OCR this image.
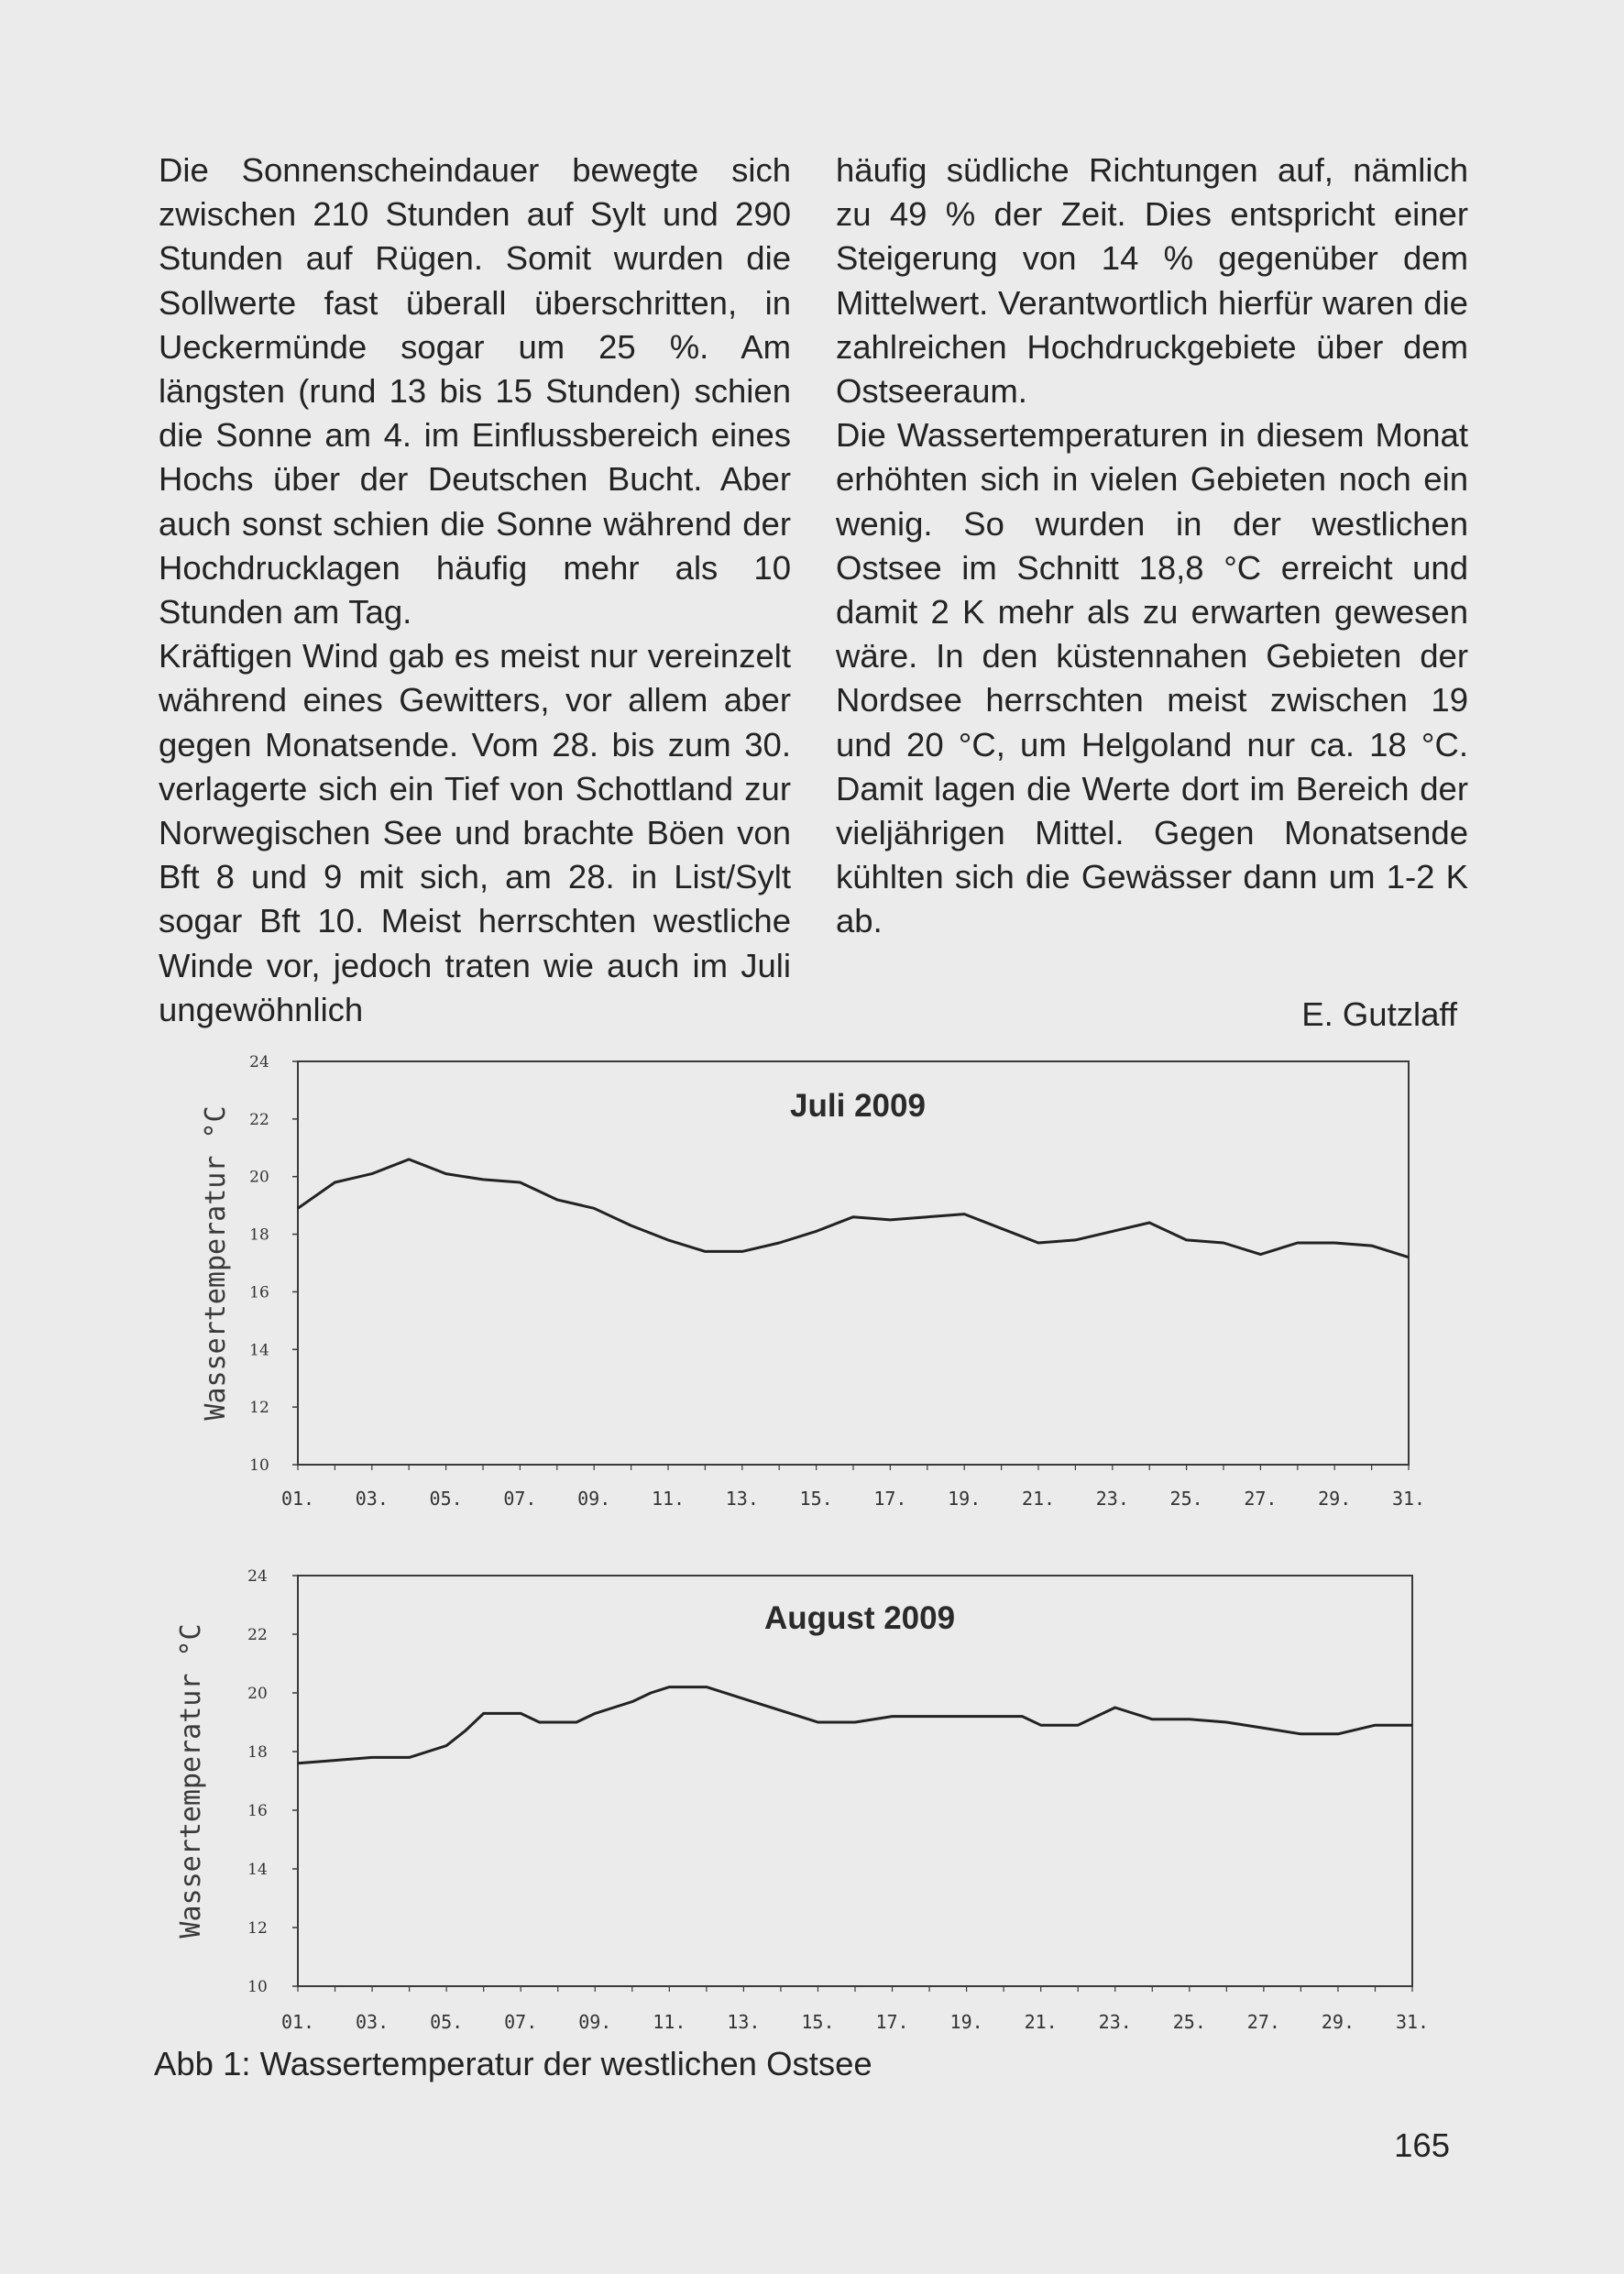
Die Sonnenscheindauer bewegte sich zwischen 210 Stunden auf Sylt und 290 Stunden auf Rügen. Somit wurden die Sollwerte fast überall überschritten, in Ueckermünde sogar um 25 %. Am längsten (rund 13 bis 15 Stunden) schien die Sonne am 4. im Einflussbereich eines Hochs über der Deutschen Bucht. Aber auch sonst schien die Sonne während der Hochdrucklagen häufig mehr als 10 Stunden am Tag.

Kräftigen Wind gab es meist nur vereinzelt während eines Gewitters, vor allem aber gegen Monatsende. Vom 28. bis zum 30. verlagerte sich ein Tief von Schottland zur Norwegischen See und brachte Böen von Bft 8 und 9 mit sich, am 28. in List/Sylt sogar Bft 10. Meist herrschten westliche Winde vor, jedoch traten wie auch im Juli ungewöhnlich

häufig südliche Richtungen auf, nämlich zu 49 % der Zeit. Dies entspricht einer Steigerung von 14 % gegenüber dem Mittelwert. Verantwortlich hierfür waren die zahlreichen Hochdruckgebiete über dem Ostseeraum.

Die Wassertemperaturen in diesem Monat erhöhten sich in vielen Gebieten noch ein wenig. So wurden in der westlichen Ostsee im Schnitt 18,8 °C erreicht und damit 2 K mehr als zu erwarten gewesen wäre. In den küstennahen Gebieten der Nordsee herrschten meist zwischen 19 und 20 °C, um Helgoland nur ca. 18 °C. Damit lagen die Werte dort im Bereich der vieljährigen Mittel. Gegen Monatsende kühlten sich die Gewässer dann um 1-2 K ab.

E. Gutzlaff
24
22
20
18
16
14
12
10
01. 03. 05. 07. 09. 11. 13. 15. 17. 19. 21. 23. 25. 27. 29. 31.
Wassertemperatur °C	Juli 2009
24
22
20
18
16
14
12
10
01. 03. 05. 07. 09. 11. 13. 15. 17. 19. 21. 23. 25. 27. 29. 31.
Wassertemperatur °C
August 2009
Abb 1: Wassertemperatur der westlichen Ostsee
165
